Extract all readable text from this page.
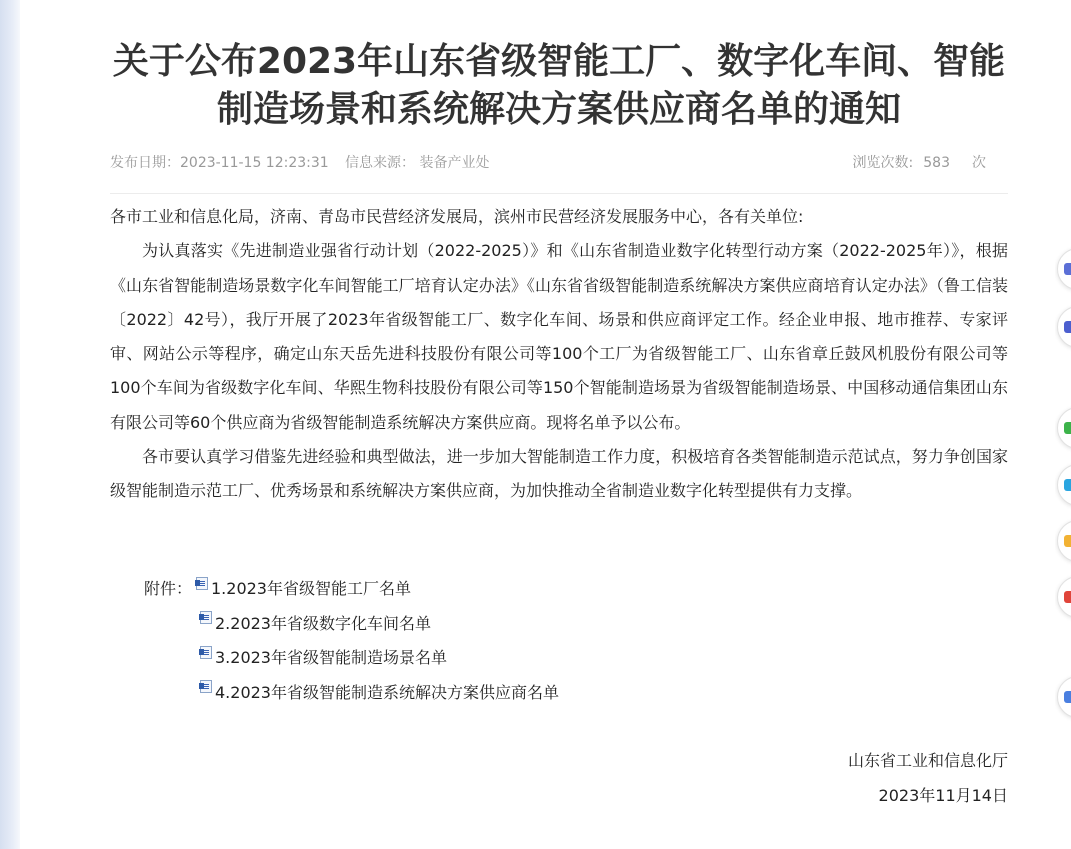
关于公布2023年山东省级智能工厂、数字化车间、智能制造场景和系统解决方案供应商名单的通知
发布日期：2023-11-15 12:23:31 信息来源： 装备产业处	浏览次数: 583 次

各市工业和信息化局，济南、青岛市民营经济发展局，滨州市民营经济发展服务中心，各有关单位:

为认真落实《先进制造业强省行动计划（2022-2025）》和《山东省制造业数字化转型行动方案（2022-2025年）》，根据《山东省智能制造场景数字化车间智能工厂培育认定办法》《山东省省级智能制造系统解决方案供应商培育认定办法》（鲁工信装〔2022〕42号），我厅开展了2023年省级智能工厂、数字化车间、场景和供应商评定工作。经企业申报、地市推荐、专家评审、网站公示等程序，确定山东天岳先进科技股份有限公司等100个工厂为省级智能工厂、山东省章丘鼓风机股份有限公司等100个车间为省级数字化车间、华熙生物科技股份有限公司等150个智能制造场景为省级智能制造场景、中国移动通信集团山东有限公司等60个供应商为省级智能制造系统解决方案供应商。现将名单予以公布。

各市要认真学习借鉴先进经验和典型做法，进一步加大智能制造工作力度，积极培育各类智能制造示范试点，努力争创国家级智能制造示范工厂、优秀场景和系统解决方案供应商，为加快推动全省制造业数字化转型提供有力支撑。

附件： 1.2023年省级智能工厂名单
2.2023年省级数字化车间名单
3.2023年省级智能制造场景名单
4.2023年省级智能制造系统解决方案供应商名单
山东省工业和信息化厅
2023年11月14日
